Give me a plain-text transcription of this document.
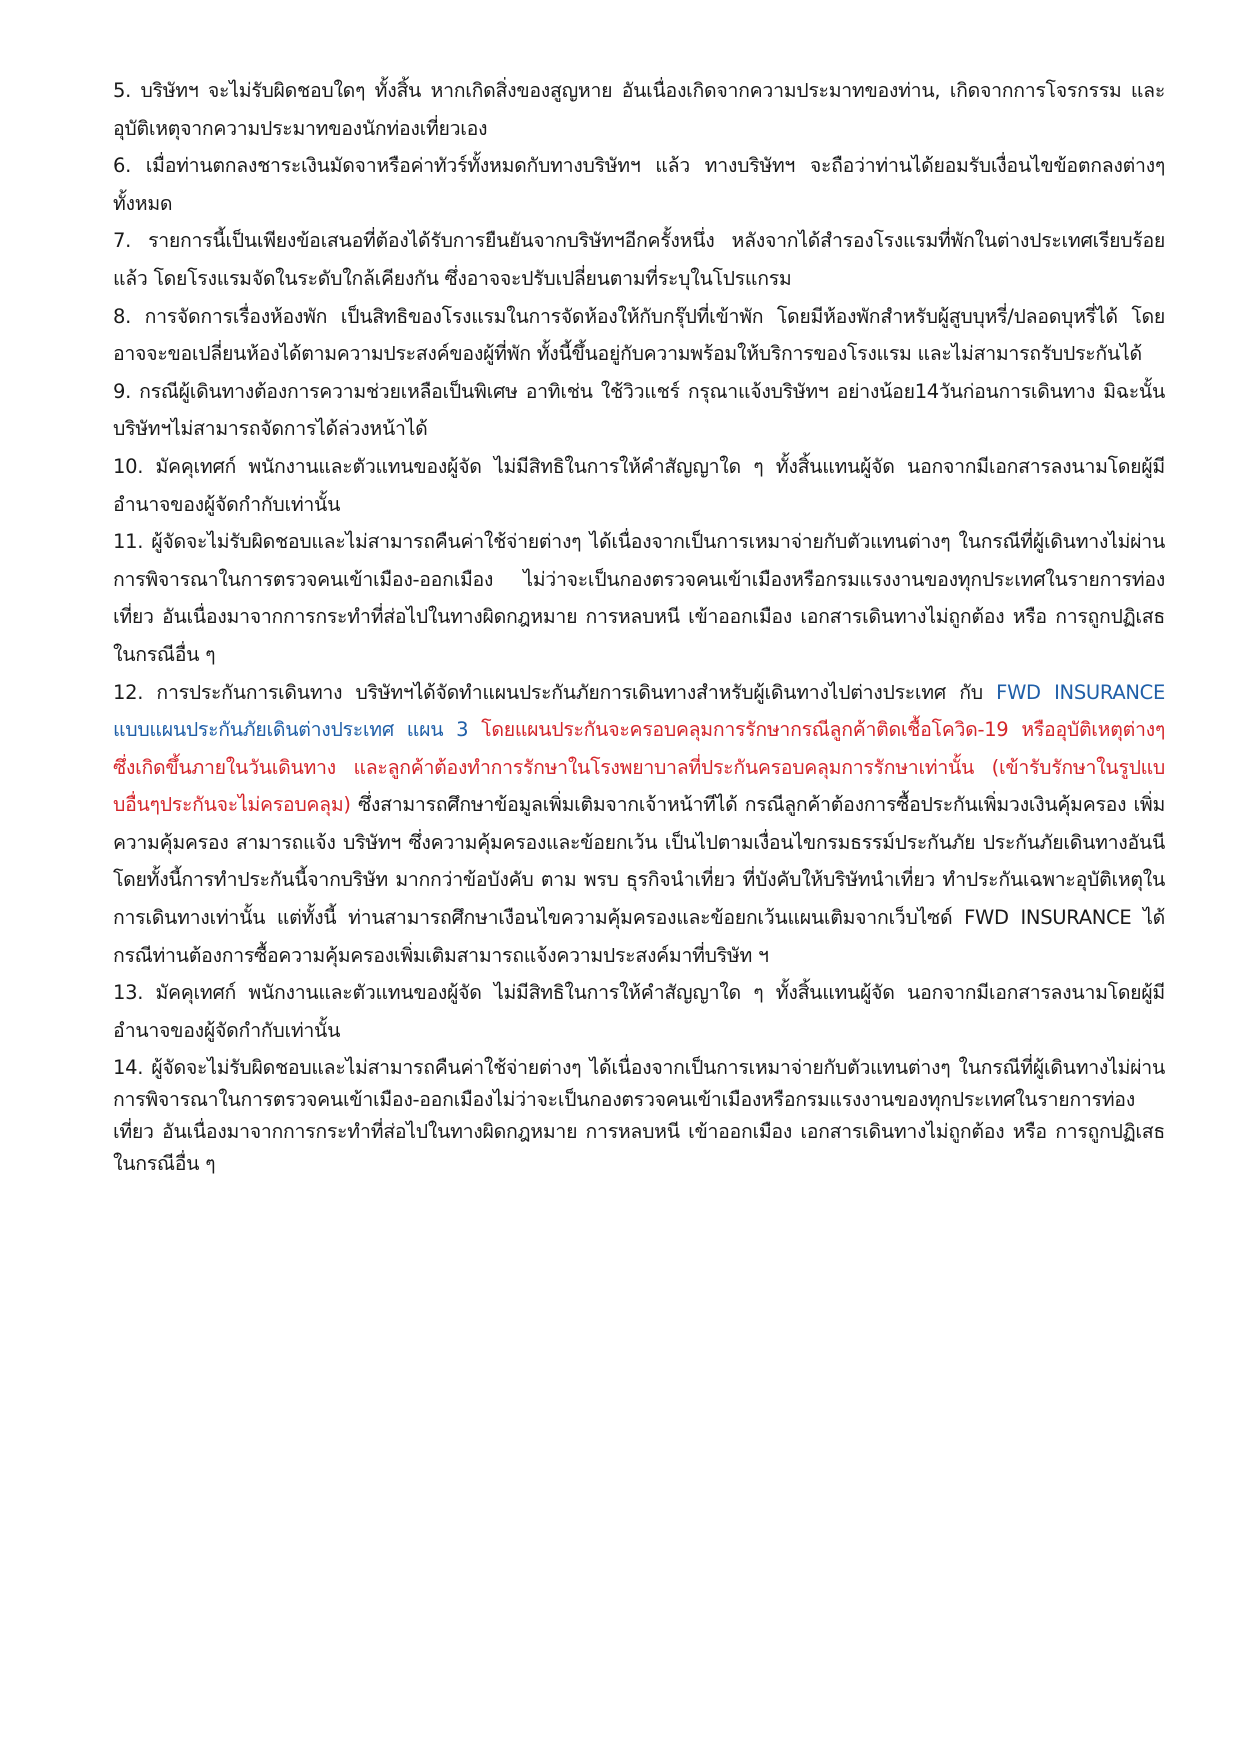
5. บริษัทฯ จะไม่รับผิดชอบใดๆ ทั้งสิ้น หากเกิดสิ่งของสูญหาย อันเนื่องเกิดจากความประมาทของท่าน, เกิดจากการโจรกรรม และ อุบัติเหตุจากความประมาทของนักท่องเที่ยวเอง

6. เมื่อท่านตกลงชาระเงินมัดจาหรือค่าทัวร์ทั้งหมดกับทางบริษัทฯ แล้ว ทางบริษัทฯ จะถือว่าท่านได้ยอมรับเงื่อนไขข้อตกลงต่างๆ ทั้งหมด

7. รายการนี้เป็นเพียงข้อเสนอที่ต้องได้รับการยืนยันจากบริษัทฯอีกครั้งหนึ่ง หลังจากได้สำรองโรงแรมที่พักในต่างประเทศเรียบร้อยแล้ว โดยโรงแรมจัดในระดับใกล้เคียงกัน ซึ่งอาจจะปรับเปลี่ยนตามที่ระบุในโปรแกรม

8. การจัดการเรื่องห้องพัก เป็นสิทธิของโรงแรมในการจัดห้องให้กับกรุ๊ปที่เข้าพัก โดยมีห้องพักสำหรับผู้สูบบุหรี่/ปลอดบุหรี่ได้ โดยอาจจะขอเปลี่ยนห้องได้ตามความประสงค์ของผู้ที่พัก ทั้งนี้ขึ้นอยู่กับความพร้อมให้บริการของโรงแรม และไม่สามารถรับประกันได้

9. กรณีผู้เดินทางต้องการความช่วยเหลือเป็นพิเศษ อาทิเช่น ใช้วิวแชร์ กรุณาแจ้งบริษัทฯ อย่างน้อย14วันก่อนการเดินทาง มิฉะนั้น บริษัทฯไม่สามารถจัดการได้ล่วงหน้าได้

10. มัคคุเทศก์ พนักงานและตัวแทนของผู้จัด ไม่มีสิทธิในการให้คำสัญญาใด ๆ ทั้งสิ้นแทนผู้จัด นอกจากมีเอกสารลงนามโดยผู้มีอำนาจของผู้จัดกำกับเท่านั้น

11. ผู้จัดจะไม่รับผิดชอบและไม่สามารถคืนค่าใช้จ่ายต่างๆ ได้เนื่องจากเป็นการเหมาจ่ายกับตัวแทนต่างๆ ในกรณีที่ผู้เดินทางไม่ผ่านการพิจารณาในการตรวจคนเข้าเมือง-ออกเมือง ไม่ว่าจะเป็นกองตรวจคนเข้าเมืองหรือกรมแรงงานของทุกประเทศในรายการท่องเที่ยว อันเนื่องมาจากการกระทำที่ส่อไปในทางผิดกฎหมาย การหลบหนี เข้าออกเมือง เอกสารเดินทางไม่ถูกต้อง หรือ การถูกปฏิเสธในกรณีอื่น ๆ

12. การประกันการเดินทาง บริษัทฯได้จัดทำแผนประกันภัยการเดินทางสำหรับผู้เดินทางไปต่างประเทศ กับ FWD INSURANCE แบบแผนประกันภัยเดินต่างประเทศ แผน 3 โดยแผนประกันจะครอบคลุมการรักษากรณีลูกค้าติดเชื้อโควิด-19 หรืออุบัติเหตุต่างๆ ซึ่งเกิดขึ้นภายในวันเดินทาง และลูกค้าต้องทำการรักษาในโรงพยาบาลที่ประกันครอบคลุมการรักษาเท่านั้น (เข้ารับรักษาในรูปแบบอื่นๆประกันจะไม่ครอบคลุม) ซึ่งสามารถศึกษาข้อมูลเพิ่มเติมจากเจ้าหน้าทีได้ กรณีลูกค้าต้องการซื้อประกันเพิ่มวงเงินคุ้มครอง เพิ่มความคุ้มครอง สามารถแจ้ง บริษัทฯ ซึ่งความคุ้มครองและข้อยกเว้น เป็นไปตามเงื่อนไขกรมธรรม์ประกันภัย ประกันภัยเดินทางอันนีโดยทั้งนี้การทำประกันนี้จากบริษัท มากกว่าข้อบังคับ ตาม พรบ ธุรกิจนำเที่ยว ที่บังคับให้บริษัทนำเที่ยว ทำประกันเฉพาะอุบัติเหตุในการเดินทางเท่านั้น แต่ทั้งนี้ ท่านสามารถศึกษาเงือนไขความคุ้มครองและข้อยกเว้นแผนเติมจากเว็บไซด์ FWD INSURANCE ได้กรณีท่านต้องการซื้อความคุ้มครองเพิ่มเติมสามารถแจ้งความประสงค์มาที่บริษัท ฯ

13. มัคคุเทศก์ พนักงานและตัวแทนของผู้จัด ไม่มีสิทธิในการให้คำสัญญาใด ๆ ทั้งสิ้นแทนผู้จัด นอกจากมีเอกสารลงนามโดยผู้มีอำนาจของผู้จัดกำกับเท่านั้น

14. ผู้จัดจะไม่รับผิดชอบและไม่สามารถคืนค่าใช้จ่ายต่างๆ ได้เนื่องจากเป็นการเหมาจ่ายกับตัวแทนต่างๆ ในกรณีที่ผู้เดินทางไม่ผ่านการพิจารณาในการตรวจคนเข้าเมือง-ออกเมืองไม่ว่าจะเป็นกองตรวจคนเข้าเมืองหรือกรมแรงงานของทุกประเทศในรายการท่องเที่ยว อันเนื่องมาจากการกระทำที่ส่อไปในทางผิดกฎหมาย การหลบหนี เข้าออกเมือง เอกสารเดินทางไม่ถูกต้อง หรือ การถูกปฏิเสธในกรณีอื่น ๆ
